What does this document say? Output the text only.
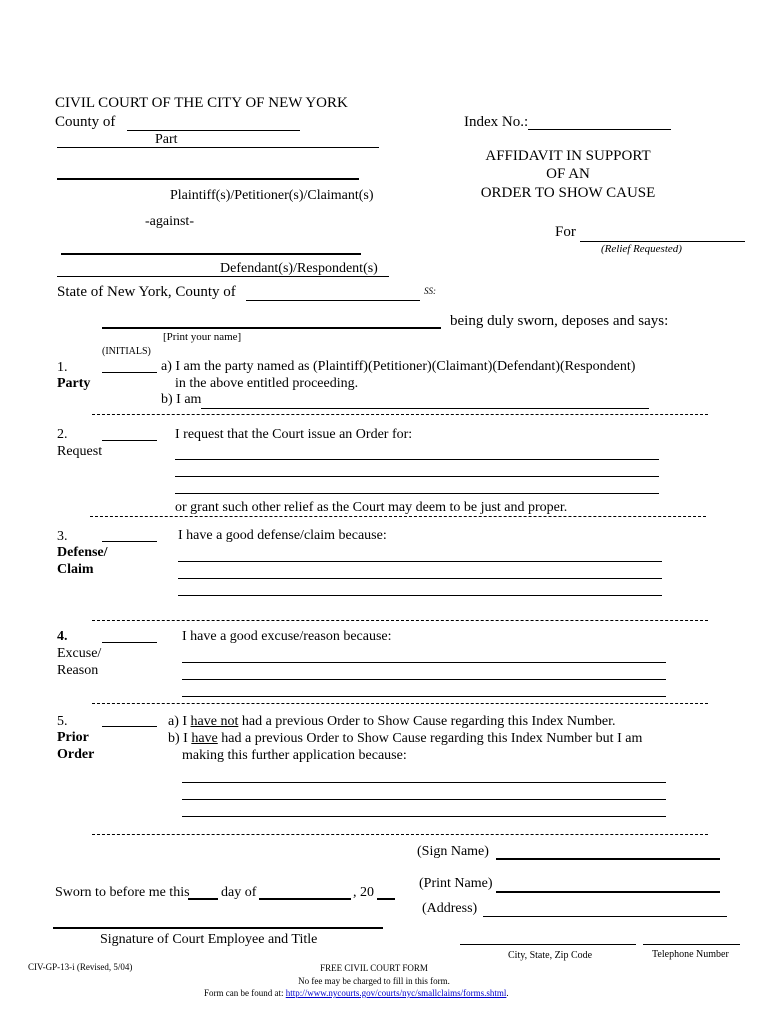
CIVIL COURT OF THE CITY OF NEW YORK
County of
Part
Index No.:
AFFIDAVIT IN SUPPORT
OF AN
ORDER TO SHOW CAUSE
Plaintiff(s)/Petitioner(s)/Claimant(s)
-against-
For
(Relief Requested)
Defendant(s)/Respondent(s)
State of New York, County of	SS:
being duly sworn, deposes and says:
[Print your name]
(INITIALS)
1.
Party
a) I am the party named as (Plaintiff)(Petitioner)(Claimant)(Defendant)(Respondent)
in the above entitled proceeding.
b) I am
2.
Request
I request that the Court issue an Order for:
or grant such other relief as the Court may deem to be just and proper.
3.
Defense/
Claim
I have a good defense/claim because:
4.
Excuse/
Reason
I have a good excuse/reason because:
5.
Prior
Order
a) I have not had a previous Order to Show Cause regarding this Index Number.
b) I have had a previous Order to Show Cause regarding this Index Number but I am
making this further application because:
(Sign Name)
Sworn to before me this day of	, 20
(Print Name)
(Address)
Signature of Court Employee and Title
City, State, Zip Code	Telephone Number
CIV-GP-13-i (Revised, 5/04)	FREE CIVIL COURT FORM
No fee may be charged to fill in this form.
Form can be found at: http://www.nycourts.gov/courts/nyc/smallclaims/forms.shtml.
